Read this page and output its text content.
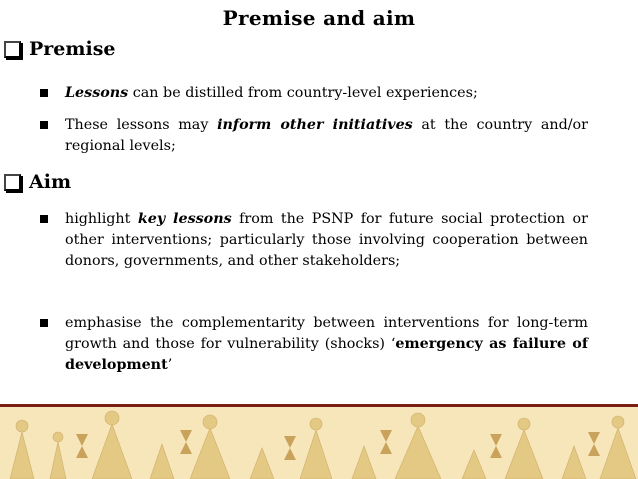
Premise and aim
Premise
Lessons can be distilled from country-level experiences;
These lessons may inform other initiatives at the country and/or regional levels;
Aim
highlight key lessons from the PSNP for future social protection or other interventions; particularly those involving cooperation between donors, governments, and other stakeholders;
emphasise the complementarity between interventions for long-term growth and those for vulnerability (shocks) ‘emergency as failure of development’
